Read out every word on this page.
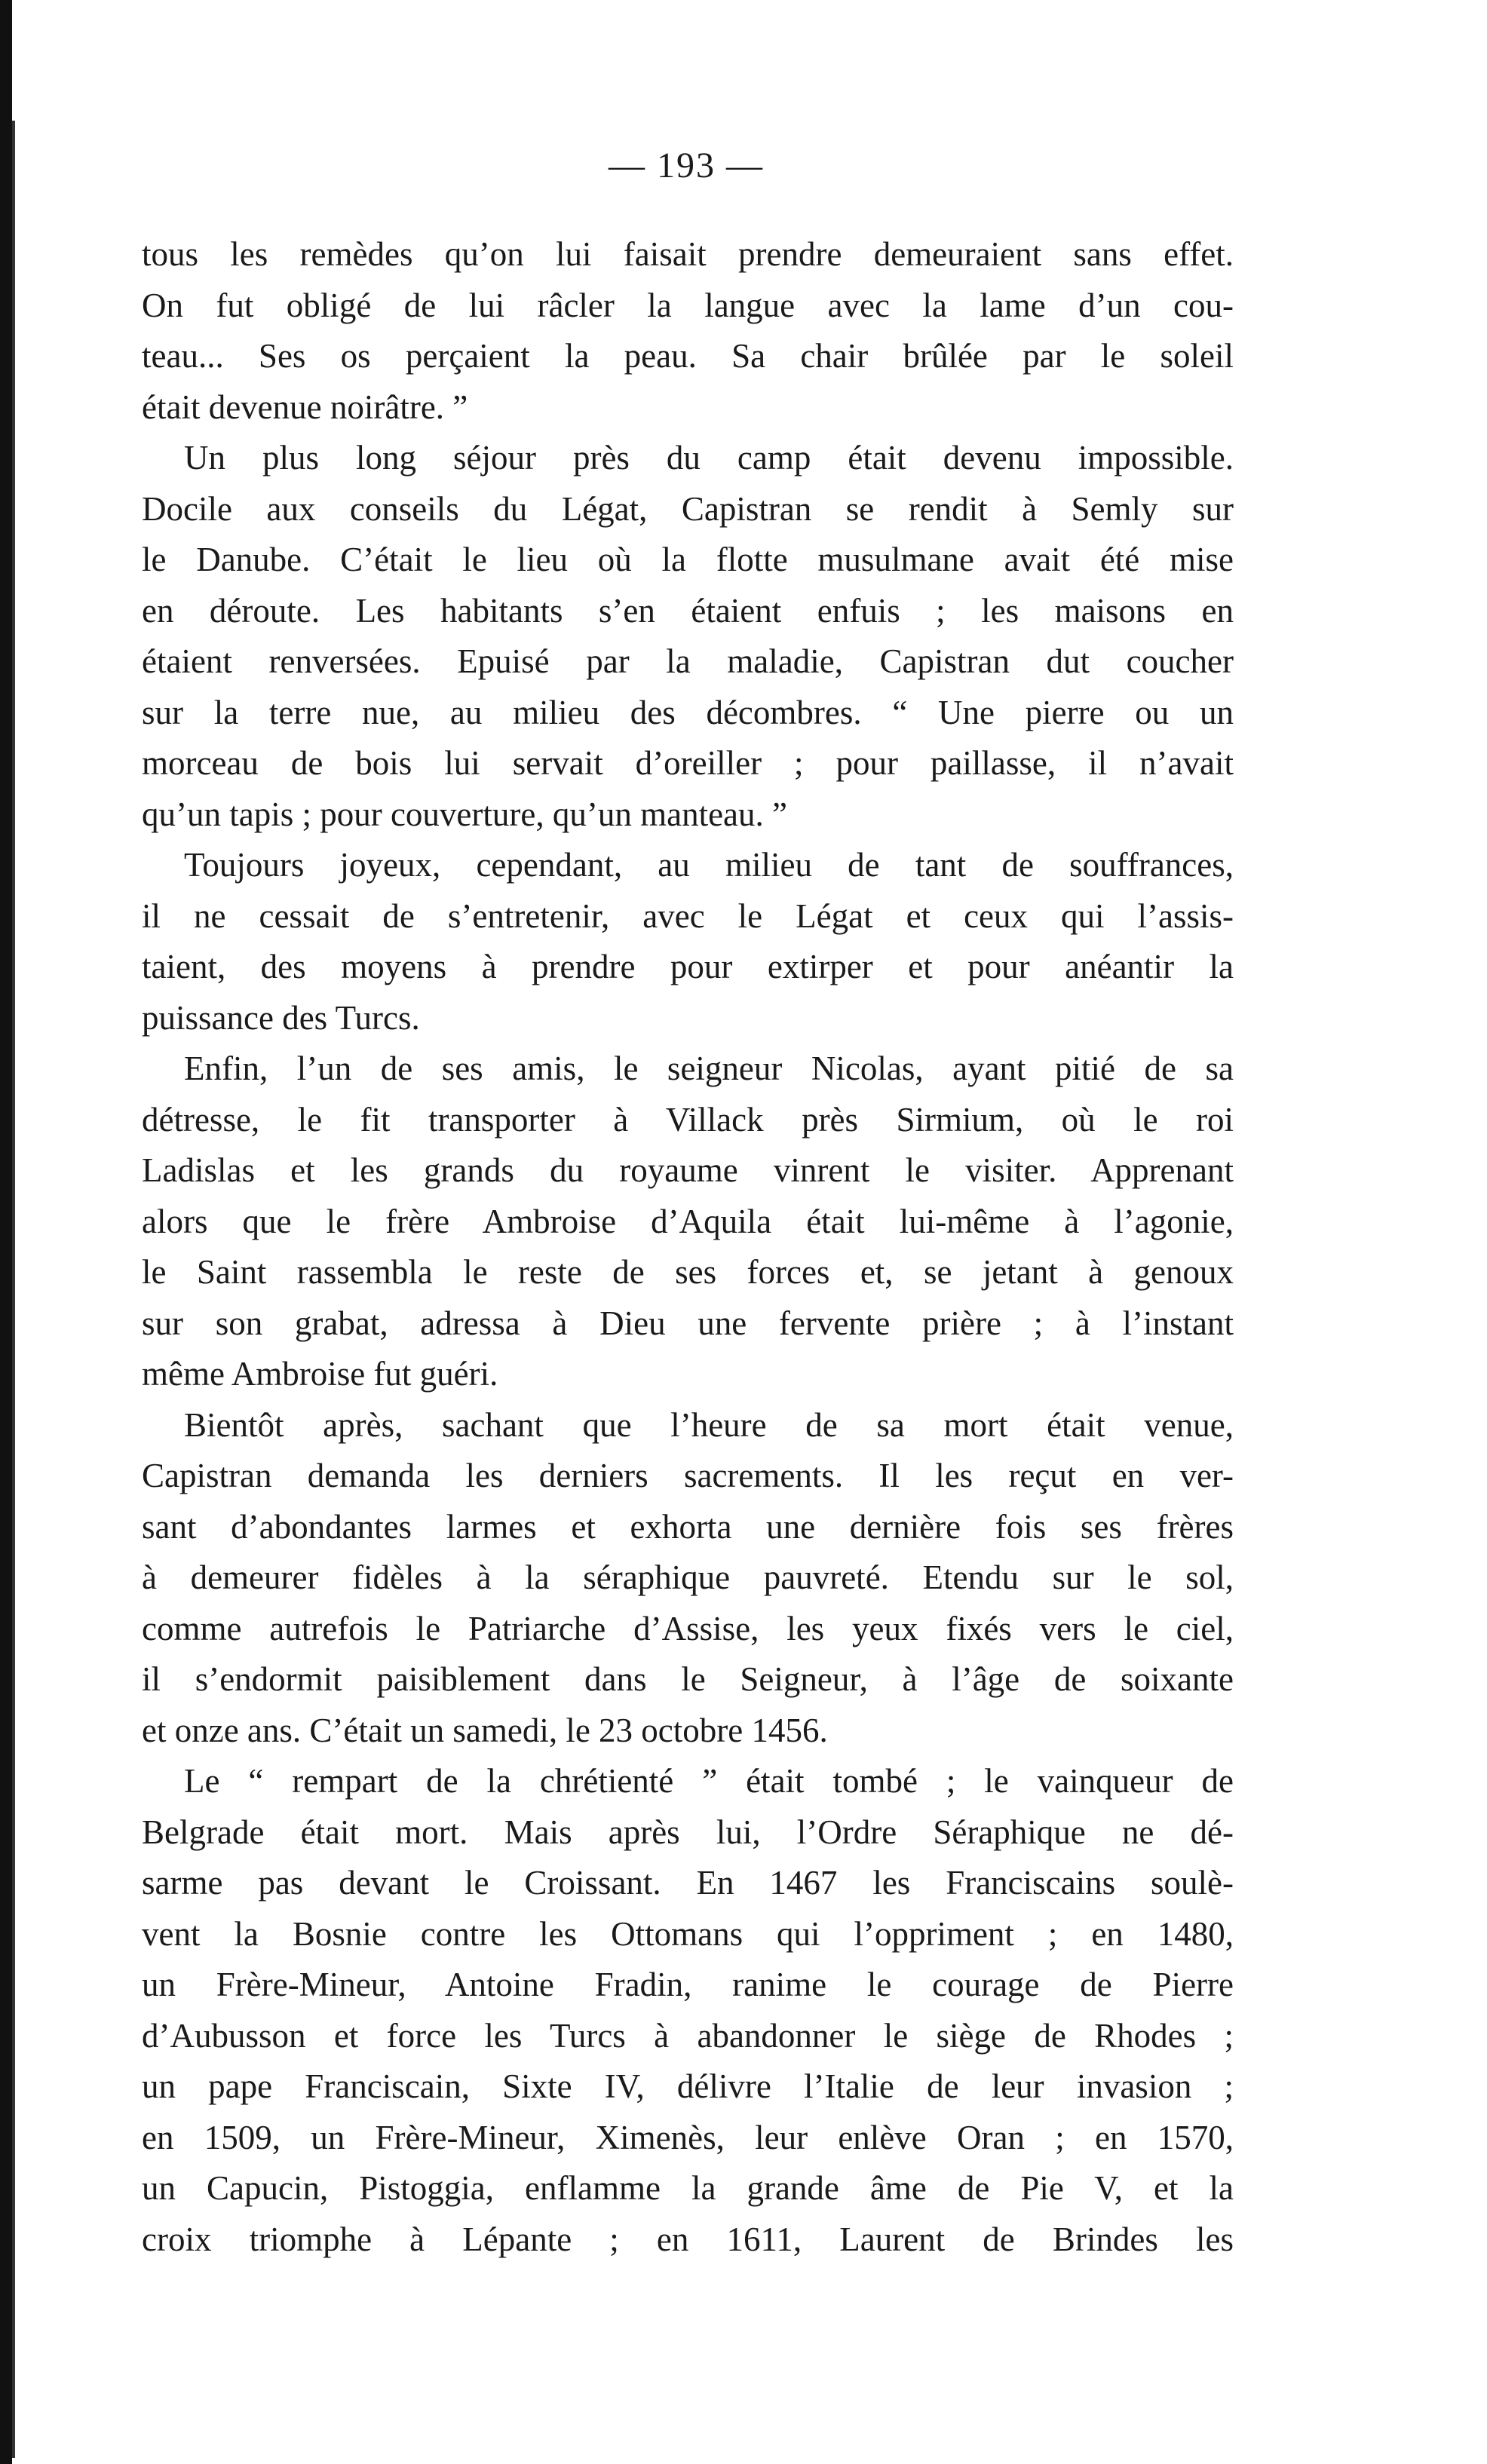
— 193 —
tous les remèdes qu’on lui faisait prendre demeuraient sans effet.
On fut obligé de lui râcler la langue avec la lame d’un cou-
teau... Ses os perçaient la peau. Sa chair brûlée par le soleil
était devenue noirâtre. ”
Un plus long séjour près du camp était devenu impossible.
Docile aux conseils du Légat, Capistran se rendit à Semly sur
le Danube. C’était le lieu où la flotte musulmane avait été mise
en déroute. Les habitants s’en étaient enfuis ; les maisons en
étaient renversées. Epuisé par la maladie, Capistran dut coucher
sur la terre nue, au milieu des décombres. “ Une pierre ou un
morceau de bois lui servait d’oreiller ; pour paillasse, il n’avait
qu’un tapis ; pour couverture, qu’un manteau. ”
Toujours joyeux, cependant, au milieu de tant de souffrances,
il ne cessait de s’entretenir, avec le Légat et ceux qui l’assis-
taient, des moyens à prendre pour extirper et pour anéantir la
puissance des Turcs.
Enfin, l’un de ses amis, le seigneur Nicolas, ayant pitié de sa
détresse, le fit transporter à Villack près Sirmium, où le roi
Ladislas et les grands du royaume vinrent le visiter. Apprenant
alors que le frère Ambroise d’Aquila était lui-même à l’agonie,
le Saint rassembla le reste de ses forces et, se jetant à genoux
sur son grabat, adressa à Dieu une fervente prière ; à l’instant
même Ambroise fut guéri.
Bientôt après, sachant que l’heure de sa mort était venue,
Capistran demanda les derniers sacrements. Il les reçut en ver-
sant d’abondantes larmes et exhorta une dernière fois ses frères
à demeurer fidèles à la séraphique pauvreté. Etendu sur le sol,
comme autrefois le Patriarche d’Assise, les yeux fixés vers le ciel,
il s’endormit paisiblement dans le Seigneur, à l’âge de soixante
et onze ans. C’était un samedi, le 23 octobre 1456.
Le “ rempart de la chrétienté ” était tombé ; le vainqueur de
Belgrade était mort. Mais après lui, l’Ordre Séraphique ne dé-
sarme pas devant le Croissant. En 1467 les Franciscains soulè-
vent la Bosnie contre les Ottomans qui l’oppriment ; en 1480,
un Frère-Mineur, Antoine Fradin, ranime le courage de Pierre
d’Aubusson et force les Turcs à abandonner le siège de Rhodes ;
un pape Franciscain, Sixte IV, délivre l’Italie de leur invasion ;
en 1509, un Frère-Mineur, Ximenès, leur enlève Oran ; en 1570,
un Capucin, Pistoggia, enflamme la grande âme de Pie V, et la
croix triomphe à Lépante ; en 1611, Laurent de Brindes les
